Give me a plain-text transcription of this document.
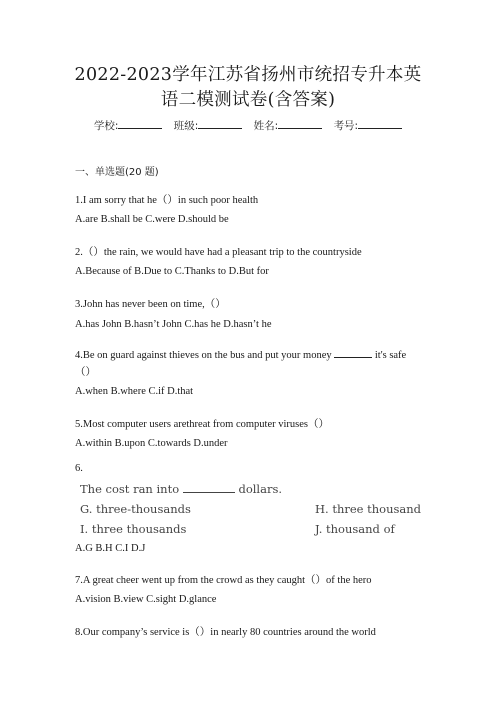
2022-2023学年江苏省扬州市统招专升本英
语二模测试卷(含答案)
学校:	班级:	姓名:	考号:
一、单选题(20 题)
1.I am sorry that he（）in such poor health
A.are B.shall be C.were D.should be
2.（）the rain, we would have had a pleasant trip to the countryside
A.Because of B.Due to C.Thanks to D.But for
3.John has never been on time,（）
A.has John B.hasn’t John C.has he D.hasn’t he
4.Be on guard against thieves on the bus and put your money	it's safe
（）
A.when B.where C.if D.that
5.Most computer users arethreat from computer viruses（）
A.within B.upon C.towards D.under
6.
The cost ran into	dollars.
G. three-thousands	H. three thousand
I. three thousands	J. thousand of
A.G B.H C.I D.J
7.A great cheer went up from the crowd as they caught（）of the hero
A.vision B.view C.sight D.glance
8.Our company’s service is（）in nearly 80 countries around the world
